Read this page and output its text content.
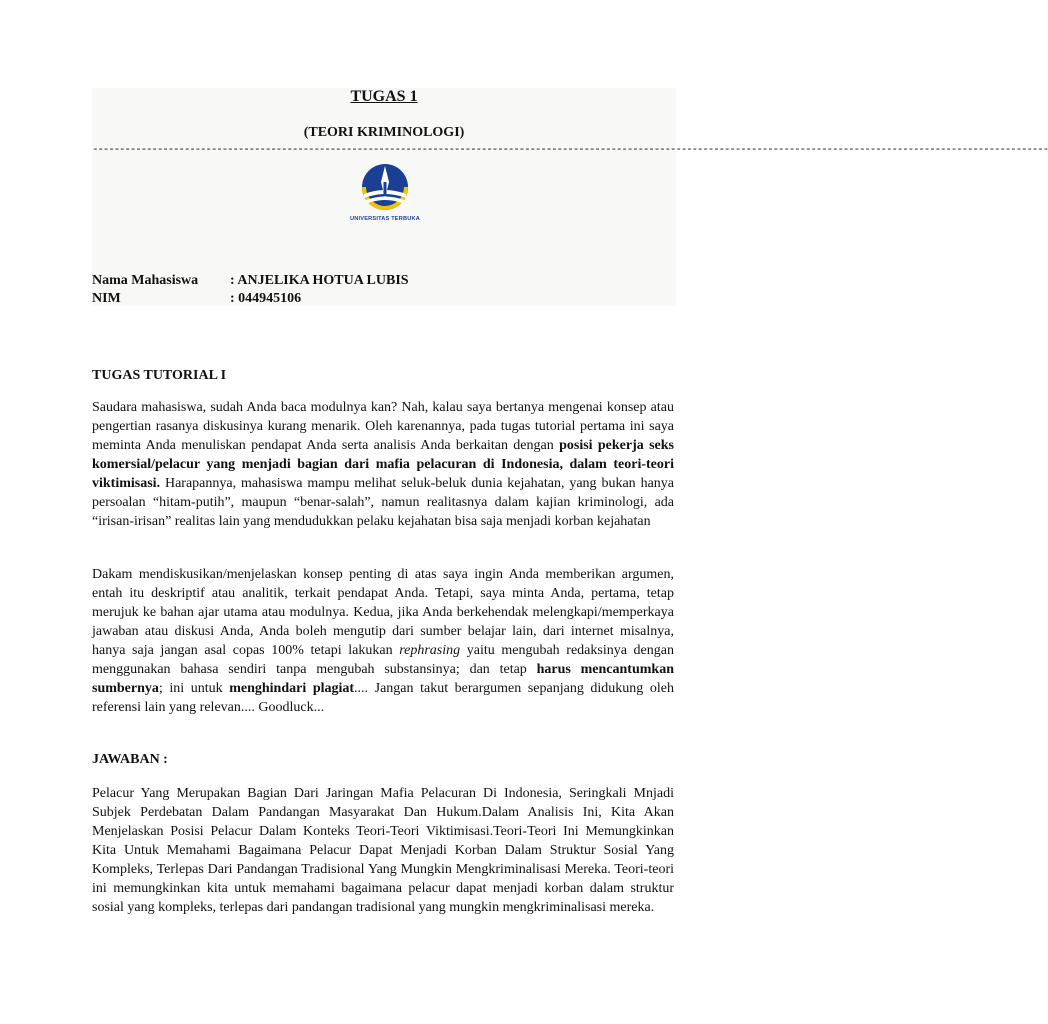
TUGAS 1
(TEORI KRIMINOLOGI)
---------------------------------------------------------------------------------------------------------------------------------------------------------------------------------
UNIVERSITAS TERBUKA
Nama Mahasiswa : ANJELIKA HOTUA LUBIS
NIM	: 044945106
TUGAS TUTORIAL I

Saudara mahasiswa, sudah Anda baca modulnya kan? Nah, kalau saya bertanya mengenai konsep atau pengertian rasanya diskusinya kurang menarik. Oleh karenannya, pada tugas tutorial pertama ini saya meminta Anda menuliskan pendapat Anda serta analisis Anda berkaitan dengan posisi pekerja seks komersial/pelacur yang menjadi bagian dari mafia pelacuran di Indonesia, dalam teori-teori viktimisasi. Harapannya, mahasiswa mampu melihat seluk-beluk dunia kejahatan, yang bukan hanya persoalan “hitam-putih”, maupun “benar-salah”, namun realitasnya dalam kajian kriminologi, ada “irisan-irisan” realitas lain yang mendudukkan pelaku kejahatan bisa saja menjadi korban kejahatan

Dakam mendiskusikan/menjelaskan konsep penting di atas saya ingin Anda memberikan argumen, entah itu deskriptif atau analitik, terkait pendapat Anda. Tetapi, saya minta Anda, pertama, tetap merujuk ke bahan ajar utama atau modulnya. Kedua, jika Anda berkehendak melengkapi/memperkaya jawaban atau diskusi Anda, Anda boleh mengutip dari sumber belajar lain, dari internet misalnya, hanya saja jangan asal copas 100% tetapi lakukan rephrasing yaitu mengubah redaksinya dengan menggunakan bahasa sendiri tanpa mengubah substansinya; dan tetap harus mencantumkan sumbernya; ini untuk menghindari plagiat.... Jangan takut berargumen sepanjang didukung oleh referensi lain yang relevan.... Goodluck...

JAWABAN :

Pelacur Yang Merupakan Bagian Dari Jaringan Mafia Pelacuran Di Indonesia, Seringkali Mnjadi Subjek Perdebatan Dalam Pandangan Masyarakat Dan Hukum.Dalam Analisis Ini, Kita Akan Menjelaskan Posisi Pelacur Dalam Konteks Teori-Teori Viktimisasi.Teori-Teori Ini Memungkinkan Kita Untuk Memahami Bagaimana Pelacur Dapat Menjadi Korban Dalam Struktur Sosial Yang Kompleks, Terlepas Dari Pandangan Tradisional Yang Mungkin Mengkriminalisasi Mereka. Teori-teori ini memungkinkan kita untuk memahami bagaimana pelacur dapat menjadi korban dalam struktur sosial yang kompleks, terlepas dari pandangan tradisional yang mungkin mengkriminalisasi mereka.
